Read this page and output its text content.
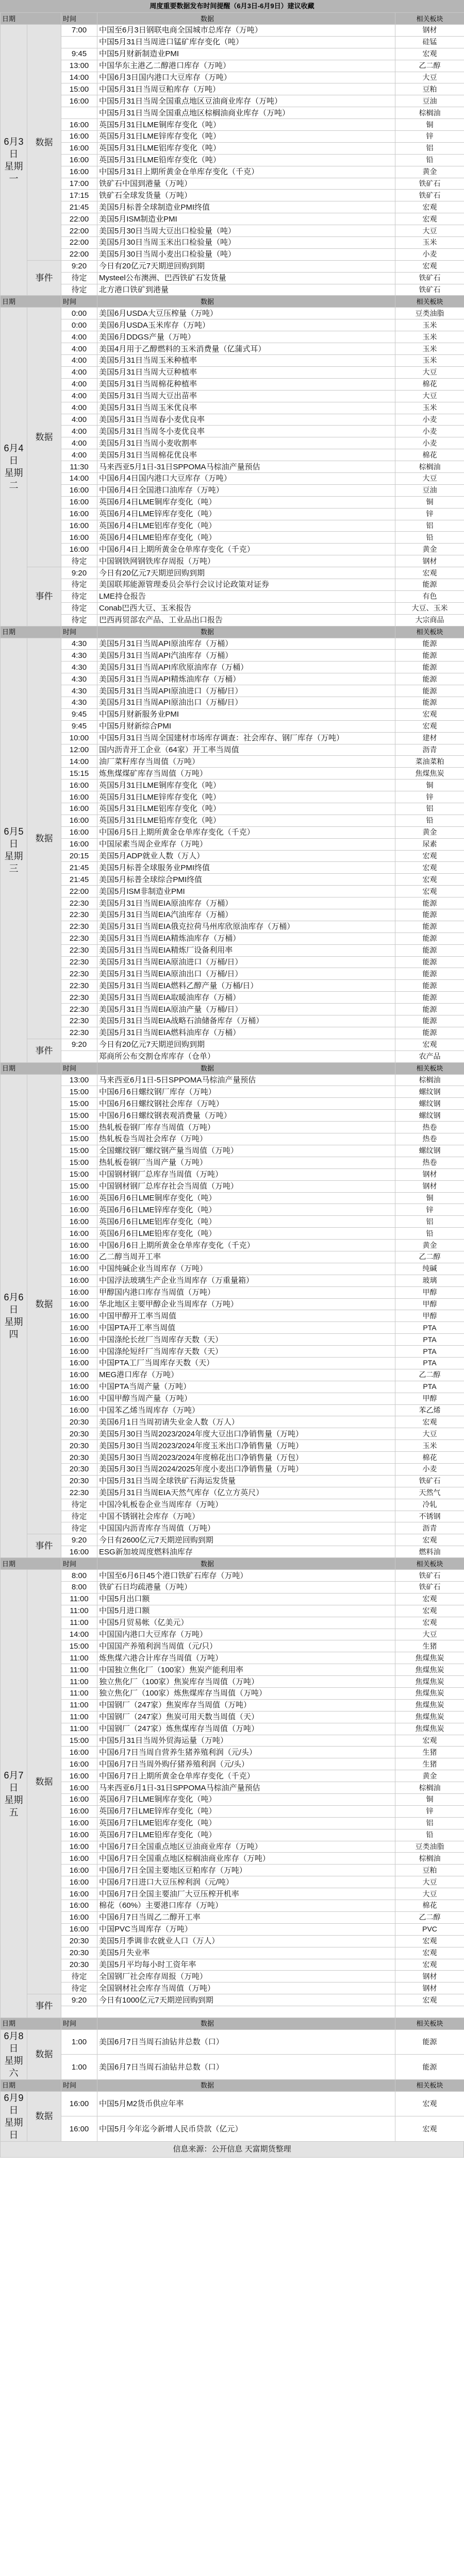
周度重要数据发布时间提醒（6月3日-6月9日）建议收藏
日期		时间	数据	相关板块
6月3日
星期一	数据	7:00	中国至6月3日钢联电商全国城市总库存（万吨）	钢材
			中国5月31日当周进口锰矿库存变化（吨）	硅锰
		9:45	中国5月财新制造业PMI	宏观
		13:00	中国华东主港乙二醇港口库存（万吨）	乙二醇
		14:00	中国6月3日国内港口大豆库存（万吨）	大豆
		15:00	中国5月31日当周豆粕库存（万吨）	豆粕
		16:00	中国5月31日当周全国重点地区豆油商业库存（万吨）	豆油
			中国5月31日当周全国重点地区棕榈油商业库存（万吨）	棕榈油
		16:00	英国5月31日LME铜库存变化（吨）	铜
		16:00	英国5月31日LME锌库存变化（吨）	锌
		16:00	英国5月31日LME铝库存变化（吨）	铝
		16:00	英国5月31日LME铅库存变化（吨）	铅
		16:00	中国5月31日上期所黄金仓单库存变化（千克）	黄金
		17:00	铁矿石中国到港量（万吨）	铁矿石
		17:15	铁矿石全球发货量（万吨）	铁矿石
		21:45	美国5月标普全球制造业PMI终值	宏观
		22:00	美国5月ISM制造业PMI	宏观
		22:00	美国5月30日当周大豆出口检验量（吨）	大豆
		22:00	美国5月30日当周玉米出口检验量（吨）	玉米
		22:00	美国5月30日当周小麦出口检验量（吨）	小麦
	事件	9:20	今日有20亿元7天期逆回购到期	宏观
		待定	Mysteel公布澳洲、巴西铁矿石发货量	铁矿石
		待定	北方港口铁矿到港量	铁矿石
日期		时间	数据	相关板块
6月4日
星期二	数据	0:00	美国6月USDA大豆压榨量（万吨）	豆类油脂
		0:00	美国6月USDA玉米库存（万吨）	玉米
		4:00	美国6月DDGS产量（万吨）	玉米
		4:00	美国4月用于乙醇燃料的玉米消费量（亿蒲式耳）	玉米
		4:00	美国5月31日当周玉米种植率	玉米
		4:00	美国5月31日当周大豆种植率	大豆
		4:00	美国5月31日当周棉花种植率	棉花
		4:00	美国5月31日当周大豆出苗率	大豆
		4:00	美国5月31日当周玉米优良率	玉米
		4:00	美国5月31日当周春小麦优良率	小麦
		4:00	美国5月31日当周冬小麦优良率	小麦
		4:00	美国5月31日当周小麦收割率	小麦
		4:00	美国5月31日当周棉花优良率	棉花
		11:30	马来西亚5月1日-31日SPPOMA马棕油产量预估	棕榈油
		14:00	中国6月4日国内港口大豆库存（万吨）	大豆
		16:00	中国6月4日全国港口油库存（万吨）	豆油
		16:00	英国6月4日LME铜库存变化（吨）	铜
		16:00	英国6月4日LME锌库存变化（吨）	锌
		16:00	英国6月4日LME铝库存变化（吨）	铝
		16:00	英国6月4日LME铅库存变化（吨）	铅
		16:00	中国6月4日上期所黄金仓单库存变化（千克）	黄金
		待定	中国钢铁网钢铁库存周报（万吨）	钢材
	事件	9:20	今日有20亿元7天期逆回购到期	宏观
		待定	美国联邦能源管理委员会举行会议讨论政策对证券	能源
		待定	LME持仓报告	有色
		待定	Conab巴西大豆、玉米报告	大豆、玉米
		待定	巴西再贸部农产品、工业品出口报告	大宗商品
日期		时间	数据	相关板块
6月5日
星期三	数据	4:30	美国5月31日当周API原油库存（万桶）	能源
		4:30	美国5月31日当周API汽油库存（万桶）	能源
		4:30	美国5月31日当周API库欣原油库存（万桶）	能源
		4:30	美国5月31日当周API精炼油库存（万桶）	能源
		4:30	美国5月31日当周API原油进口（万桶/日）	能源
		4:30	美国5月31日当周API原油出口（万桶/日）	能源
		9:45	中国5月财新服务业PMI	宏观
		9:45	中国5月财新综合PMI	宏观
		10:00	中国5月31日当周全国建材市场库存调查：社会库存、钢厂库存（万吨）	建材
		12:00	国内沥青开工企业（64家）开工率当周值	沥青
		14:00	油厂菜籽库存当周值（万吨）	菜油菜粕
		15:15	炼焦煤煤矿库存当周值（万吨）	焦煤焦炭
		16:00	英国5月31日LME铜库存变化（吨）	铜
		16:00	英国5月31日LME锌库存变化（吨）	锌
		16:00	英国5月31日LME铝库存变化（吨）	铝
		16:00	英国5月31日LME铅库存变化（吨）	铅
		16:00	中国6月5日上期所黄金仓单库存变化（千克）	黄金
		16:00	中国尿素当周企业库存（万吨）	尿素
		20:15	美国5月ADP就业人数（万人）	宏观
		21:45	美国5月标普全球服务业PMI终值	宏观
		21:45	美国5月标普全球综合PMI终值	宏观
		22:00	美国5月ISM非制造业PMI	宏观
		22:30	美国5月31日当周EIA原油库存（万桶）	能源
		22:30	美国5月31日当周EIA汽油库存（万桶）	能源
		22:30	美国5月31日当周EIA俄克拉荷马州库欣原油库存（万桶）	能源
		22:30	美国5月31日当周EIA精炼油库存（万桶）	能源
		22:30	美国5月31日当周EIA精炼厂设备利用率	能源
		22:30	美国5月31日当周EIA原油进口（万桶/日）	能源
		22:30	美国5月31日当周EIA原油出口（万桶/日）	能源
		22:30	美国5月31日当周EIA燃料乙醇产量（万桶/日）	能源
		22:30	美国5月31日当周EIA取暖油库存（万桶）	能源
		22:30	美国5月31日当周EIA原油产量（万桶/日）	能源
		22:30	美国5月31日当周EIA战略石油储备库存（万桶）	能源
		22:30	美国5月31日当周EIA燃料油库存（万桶）	能源
	事件	9:20	今日有20亿元7天期逆回购到期	宏观
			郑商所公布交割仓库库存（仓单）	农产品
日期		时间	数据	相关板块
6月6日
星期四	数据	13:00	马来西亚6月1日-5日SPPOMA马棕油产量预估	棕榈油
		15:00	中国6月6日螺纹钢厂库存（万吨）	螺纹钢
		15:00	中国6月6日螺纹钢社会库存（万吨）	螺纹钢
		15:00	中国6月6日螺纹钢表观消费量（万吨）	螺纹钢
		15:00	热轧板卷钢厂库存当周值（万吨）	热卷
		15:00	热轧板卷当周社会库存（万吨）	热卷
		15:00	全国螺纹钢厂螺纹钢产量当周值（万吨）	螺纹钢
		15:00	热轧板卷钢厂当周产量（万吨）	热卷
		15:00	中国钢材钢厂总库存当周值（万吨）	钢材
		15:00	中国钢材钢厂总库存社会当周值（万吨）	钢材
		16:00	英国6月6日LME铜库存变化（吨）	铜
		16:00	英国6月6日LME锌库存变化（吨）	锌
		16:00	英国6月6日LME铝库存变化（吨）	铝
		16:00	英国6月6日LME铅库存变化（吨）	铅
		16:00	中国6月6日上期所黄金仓单库存变化（千克）	黄金
		16:00	乙二醇当周开工率	乙二醇
		16:00	中国纯碱企业当周库存（万吨）	纯碱
		16:00	中国浮法玻璃生产企业当周库存（万重量箱）	玻璃
		16:00	甲醇国内港口库存当周值（万吨）	甲醇
		16:00	华北地区主要甲醇企业当周库存（万吨）	甲醇
		16:00	中国甲醇开工率当周值	甲醇
		16:00	中国PTA开工率当周值	PTA
		16:00	中国涤纶长丝厂当周库存天数（天）	PTA
		16:00	中国涤纶短纤厂当周库存天数（天）	PTA
		16:00	中国PTA工厂当周库存天数（天）	PTA
		16:00	MEG港口库存（万吨）	乙二醇
		16:00	中国PTA当周产量（万吨）	PTA
		16:00	中国甲醇当周产量（万吨）	甲醇
		16:00	中国苯乙烯当周库存（万吨）	苯乙烯
		20:30	美国6月1日当周初请失业金人数（万人）	宏观
		20:30	美国5月30日当周2023/2024年度大豆出口净销售量（万吨）	大豆
		20:30	美国5月30日当周2023/2024年度玉米出口净销售量（万吨）	玉米
		20:30	美国5月30日当周2023/2024年度棉花出口净销售量（万包）	棉花
		20:30	美国5月30日当周2024/2025年度小麦出口净销售量（万吨）	小麦
		20:30	中国5月31日当周全球铁矿石海运发货量	铁矿石
		22:30	美国5月31日当周EIA天然气库存（亿立方英尺）	天然气
		待定	中国冷轧板卷企业当周库存（万吨）	冷轧
		待定	中国不锈钢社会库存（万吨）	不锈钢
		待定	中国国内沥青库存当周值（万吨）	沥青
	事件	9:20	今日有2600亿元7天期逆回购到期	宏观
		16:00	ESG新加坡周度燃料油库存	燃料油
日期		时间	数据	相关板块
6月7日
星期五	数据	8:00	中国至6月6日45个港口铁矿石库存（万吨）	铁矿石
		8:00	铁矿石日均疏港量（万吨）	铁矿石
		11:00	中国5月出口额	宏观
		11:00	中国5月进口额	宏观
		11:00	中国5月贸易帐（亿美元）	宏观
		14:00	中国国内港口大豆库存（万吨）	大豆
		15:00	中国国产养殖利润当周值（元/只）	生猪
		11:00	炼焦煤六港合计库存当周值（万吨）	焦煤焦炭
		11:00	中国独立焦化厂（100家）焦炭产能利用率	焦煤焦炭
		11:00	独立焦化厂（100家）焦炭库存当周值（万吨）	焦煤焦炭
		11:00	独立焦化厂（100家）炼焦煤库存当周值（万吨）	焦煤焦炭
		11:00	中国钢厂（247家）焦炭库存当周值（万吨）	焦煤焦炭
		11:00	中国钢厂（247家）焦炭可用天数当周值（天）	焦煤焦炭
		11:00	中国钢厂（247家）炼焦煤库存当周值（万吨）	焦煤焦炭
		15:00	中国5月31日当周外贸海运量（万吨）	宏观
		16:00	中国6月7日当周自营养生猪养殖利润（元/头）	生猪
		16:00	中国6月7日当周外购仔猪养殖利润（元/头）	生猪
		16:00	中国6月7日上期所黄金仓单库存变化（千克）	黄金
		16:00	马来西亚6月1日-31日SPPOMA马棕油产量预估	棕榈油
		16:00	英国6月7日LME铜库存变化（吨）	铜
		16:00	英国6月7日LME锌库存变化（吨）	锌
		16:00	英国6月7日LME铝库存变化（吨）	铝
		16:00	英国6月7日LME铅库存变化（吨）	铅
		16:00	中国6月7日全国重点地区豆油商业库存（万吨）	豆类油脂
		16:00	中国6月7日全国重点地区棕榈油商业库存（万吨）	棕榈油
		16:00	中国6月7日全国主要地区豆粕库存（万吨）	豆粕
		16:00	中国6月7日进口大豆压榨利润（元/吨）	大豆
		16:00	中国6月7日全国主要油厂大豆压榨开机率	大豆
		16:00	棉花（60%）主要港口库存（万吨）	棉花
		16:00	中国6月7日当周乙二醇开工率	乙二醇
		16:00	中国PVC当周库存（万吨）	PVC
		20:30	美国5月季调非农就业人口（万人）	宏观
		20:30	美国5月失业率	宏观
		20:30	美国5月平均每小时工资年率	宏观
		待定	全国钢厂社会库存周报（万吨）	钢材
		待定	全国钢材社会库存当周值（万吨）	钢材
	事件	9:20	今日有1000亿元7天期逆回购到期	宏观

日期		时间	数据	相关板块
6月8日
星期六	数据	1:00	美国6月7日当周石油钻井总数（口）	能源
		1:00	美国6月7日当周石油钻井总数（口）	能源
日期		时间	数据	相关板块
6月9日
星期日	数据	16:00	中国5月M2货币供应年率	宏观
		16:00	中国5月今年迄今新增人民币贷款（亿元）	宏观
信息来源：公开信息 天富期货整理
